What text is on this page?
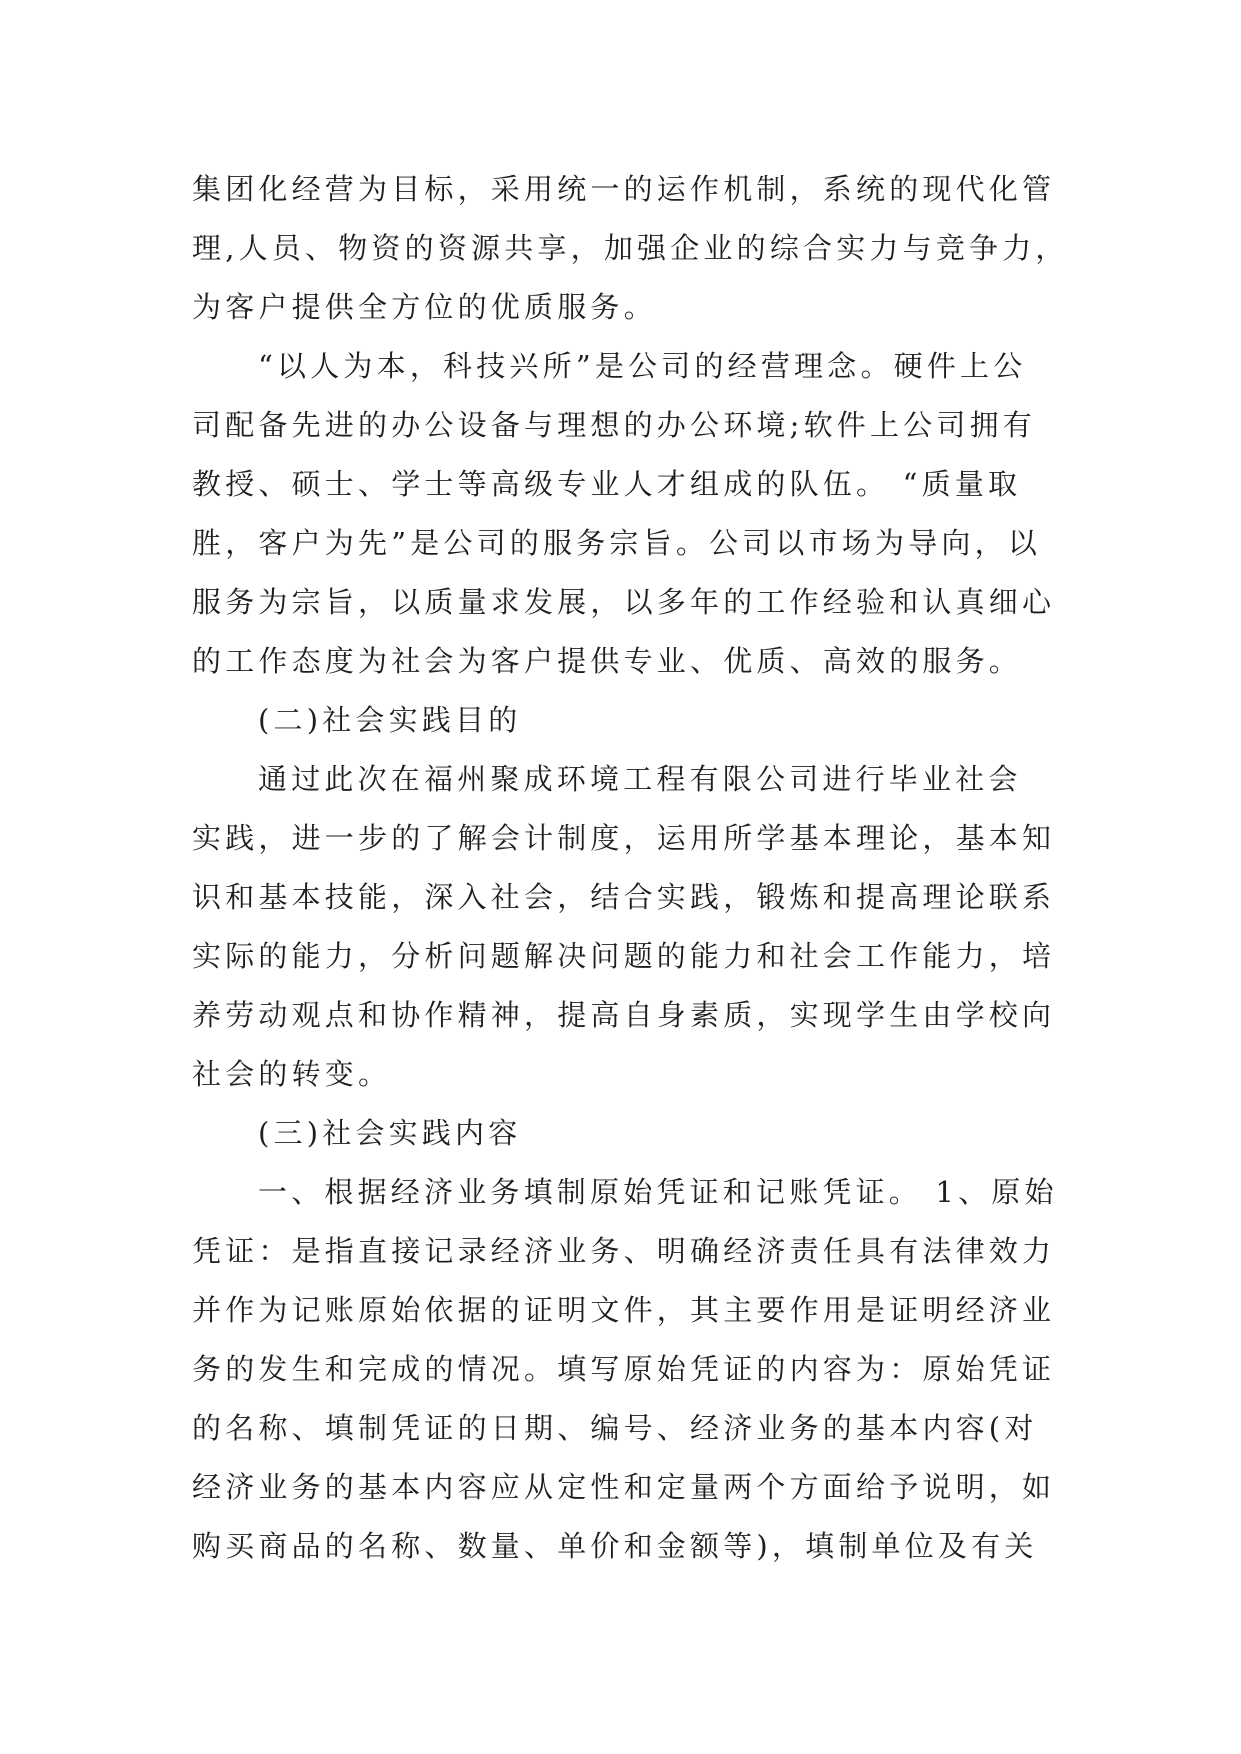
集团化经营为目标，采用统一的运作机制，系统的现代化管
理,人员、物资的资源共享，加强企业的综合实力与竞争力，
为客户提供全方位的优质服务。

“以人为本，科技兴所”是公司的经营理念。硬件上公
司配备先进的办公设备与理想的办公环境;软件上公司拥有
教授、硕士、学士等高级专业人才组成的队伍。 “质量取
胜，客户为先”是公司的服务宗旨。公司以市场为导向，以
服务为宗旨，以质量求发展，以多年的工作经验和认真细心
的工作态度为社会为客户提供专业、优质、高效的服务。

(二)社会实践目的

通过此次在福州聚成环境工程有限公司进行毕业社会
实践，进一步的了解会计制度，运用所学基本理论，基本知
识和基本技能，深入社会，结合实践，锻炼和提高理论联系
实际的能力，分析问题解决问题的能力和社会工作能力，培
养劳动观点和协作精神，提高自身素质，实现学生由学校向
社会的转变。

(三)社会实践内容

一、根据经济业务填制原始凭证和记账凭证。 1、原始
凭证：是指直接记录经济业务、明确经济责任具有法律效力
并作为记账原始依据的证明文件，其主要作用是证明经济业
务的发生和完成的情况。填写原始凭证的内容为：原始凭证
的名称、填制凭证的日期、编号、经济业务的基本内容(对
经济业务的基本内容应从定性和定量两个方面给予说明，如
购买商品的名称、数量、单价和金额等)，填制单位及有关
